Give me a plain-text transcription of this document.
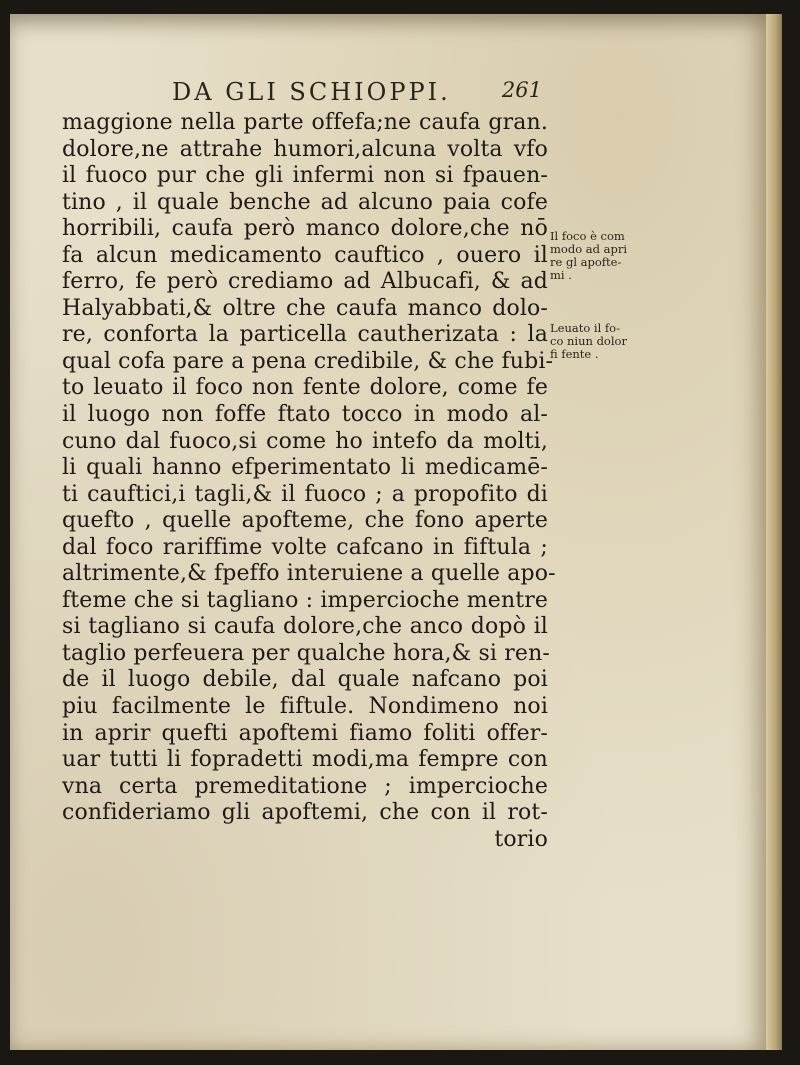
DA GLI SCHIOPPI. 261
maggione nella parte offefa;ne caufa gran.
dolore,ne attrahe humori,alcuna volta vfo
il fuoco pur che gli infermi non si fpauen-
tino , il quale benche ad alcuno paia cofe
horribili, caufa però manco dolore,che nō
fa alcun medicamento cauftico , ouero il
ferro, fe però crediamo ad Albucafi, & ad
Halyabbati,& oltre che caufa manco dolo-
re, conforta la particella cautherizata : la
qual cofa pare a pena credibile, & che fubi-
to leuato il foco non fente dolore, come fe
il luogo non foffe ftato tocco in modo al-
cuno dal fuoco,si come ho intefo da molti,
li quali hanno efperimentato li medicamē-
ti cauftici,i tagli,& il fuoco ; a propofito di
quefto , quelle apofteme, che fono aperte
dal foco rariffime volte cafcano in fiftula ;
altrimente,& fpeffo interuiene a quelle apo-
fteme che si tagliano : impercioche mentre
si tagliano si caufa dolore,che anco dopò il
taglio perfeuera per qualche hora,& si ren-
de il luogo debile, dal quale nafcano poi
piu facilmente le fiftule. Nondimeno noi
in aprir quefti apoftemi fiamo foliti offer-
uar tutti li fopradetti modi,ma fempre con
vna certa premeditatione ; impercioche
confideriamo gli apoftemi, che con il rot-
torio
Il foco è com
modo ad apri
re gl apofte-
mi .
Leuato il fo-
co niun dolor
fi fente .
